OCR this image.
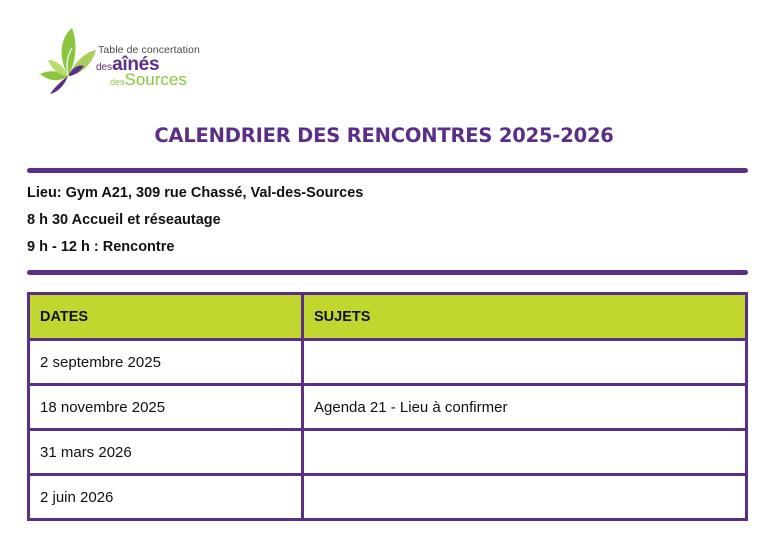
Table de concertation
desaînés
desSources
CALENDRIER DES RENCONTRES 2025-2026
Lieu: Gym A21, 309 rue Chassé, Val-des-Sources
8 h 30 Accueil et réseautage
9 h - 12 h : Rencontre
DATES	SUJETS
2 septembre 2025	
18 novembre 2025	Agenda 21 - Lieu à confirmer
31 mars 2026	
2 juin 2026	
